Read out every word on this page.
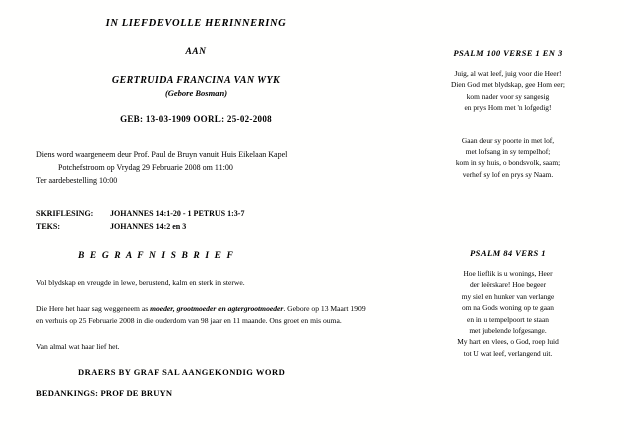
IN LIEFDEVOLLE HERINNERING
AAN
GERTRUIDA FRANCINA VAN WYK
(Gebore Bosman)
GEB: 13-03-1909 OORL: 25-02-2008

Diens word waargeneem deur Prof. Paul de Bruyn vanuit Huis Eikelaan Kapel

Potchefstroom op Vrydag 29 Februarie 2008 om 11:00

Ter aardebestelling 10:00

SKRIFLESING: JOHANNES 14:1-20 - 1 PETRUS 1:3-7
TEKS:	JOHANNES 14:2 en 3
B E G R A F N I S B R I E F

Vol blydskap en vreugde in lewe, berustend, kalm en sterk in sterwe.

Die Here het haar sag weggeneem as moeder, grootmoeder en agtergrootmoeder. Gebore op 13 Maart 1909 en verhuis op 25 Februarie 2008 in die ouderdom van 98 jaar en 11 maande. Ons groet en mis ouma.

Van almal wat haar lief het.

DRAERS BY GRAF SAL AANGEKONDIG WORD
BEDANKINGS: PROF DE BRUYN
PSALM 100 VERSE 1 EN 3
Juig, al wat leef, juig voor die Heer!
Dien God met blydskap, gee Hom eer;
kom nader voor sy sangesig
en prys Hom met 'n lofgedig!
Gaan deur sy poorte in met lof,
met lofsang in sy tempelhof;
kom in sy huis, o bondsvolk, saam;
verhef sy lof en prys sy Naam.
PSALM 84 VERS 1
Hoe lieflik is u wonings, Heer
der leërskare! Hoe begeer
my siel en hunker van verlange
om na Gods woning op te gaan
en in u tempelpoort te staan
met jubelende lofgesange.
My hart en vlees, o God, roep luid
tot U wat leef, verlangend uit.
